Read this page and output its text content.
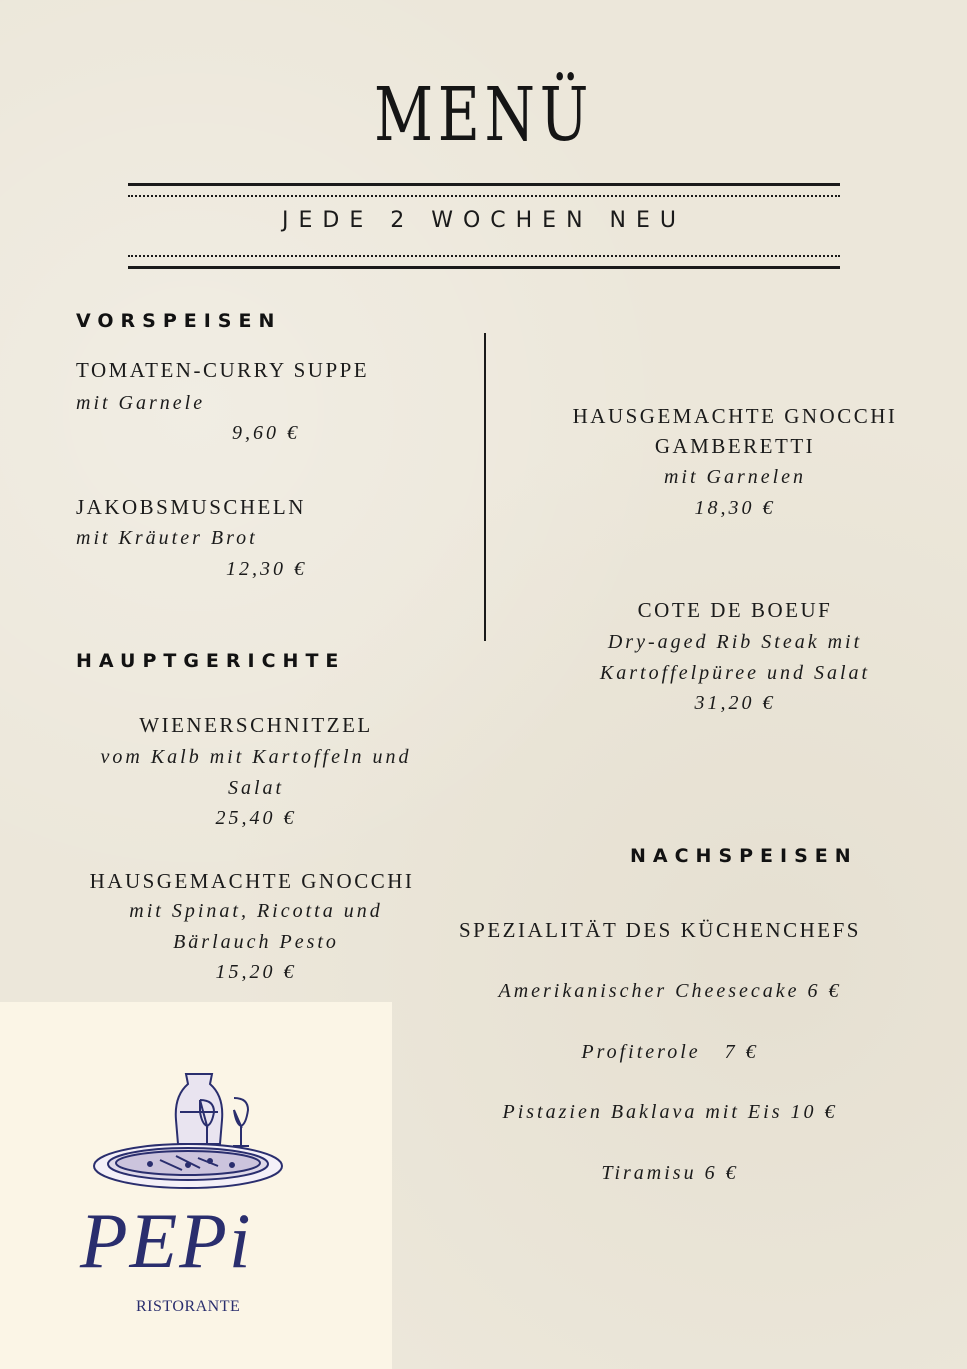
MENÜ
JEDE 2 WOCHEN NEU
VORSPEISEN
TOMATEN-CURRY SUPPE
mit Garnele
9,60 €
JAKOBSMUSCHELN
mit Kräuter Brot
12,30 €
HAUPTGERICHTE
WIENERSCHNITZEL
vom Kalb mit Kartoffeln und
Salat
25,40 €
HAUSGEMACHTE GNOCCHI
mit Spinat, Ricotta und
Bärlauch Pesto
15,20 €
HAUSGEMACHTE GNOCCHI
GAMBERETTI
mit Garnelen
18,30 €
COTE DE BOEUF
Dry-aged Rib Steak mit
Kartoffelpüree und Salat
31,20 €
NACHSPEISEN
SPEZIALITÄT DES KÜCHENCHEFS
Amerikanischer Cheesecake 6 €
Profiterole   7 €
Pistazien Baklava mit Eis 10 €
Tiramisu 6 €
PEPi
RISTORANTE
